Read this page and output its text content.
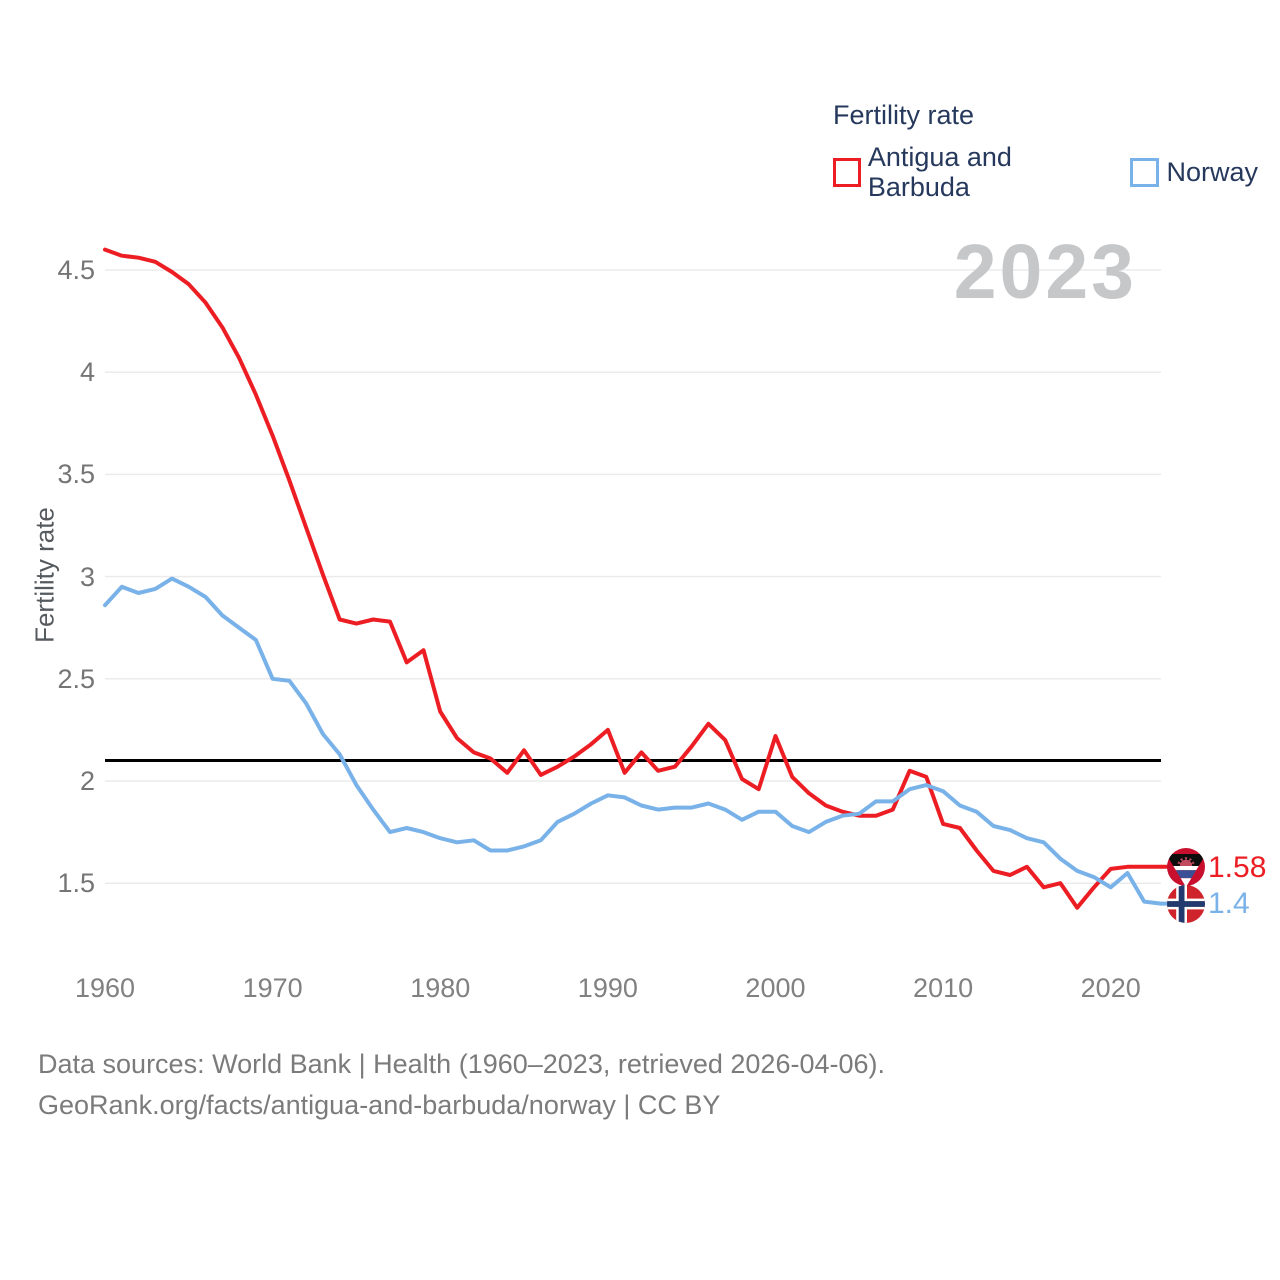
2023
Fertility rate
Antigua and Barbuda	Norway
Fertility rate
1.58
1.4
Data sources: World Bank | Health (1960–2023, retrieved 2026-04-06).
GeoRank.org/facts/antigua-and-barbuda/norway | CC BY
4.5
4
3.5
3
2.5
2
1.5
1960	1970	1980	1990	2000	2010	2020
